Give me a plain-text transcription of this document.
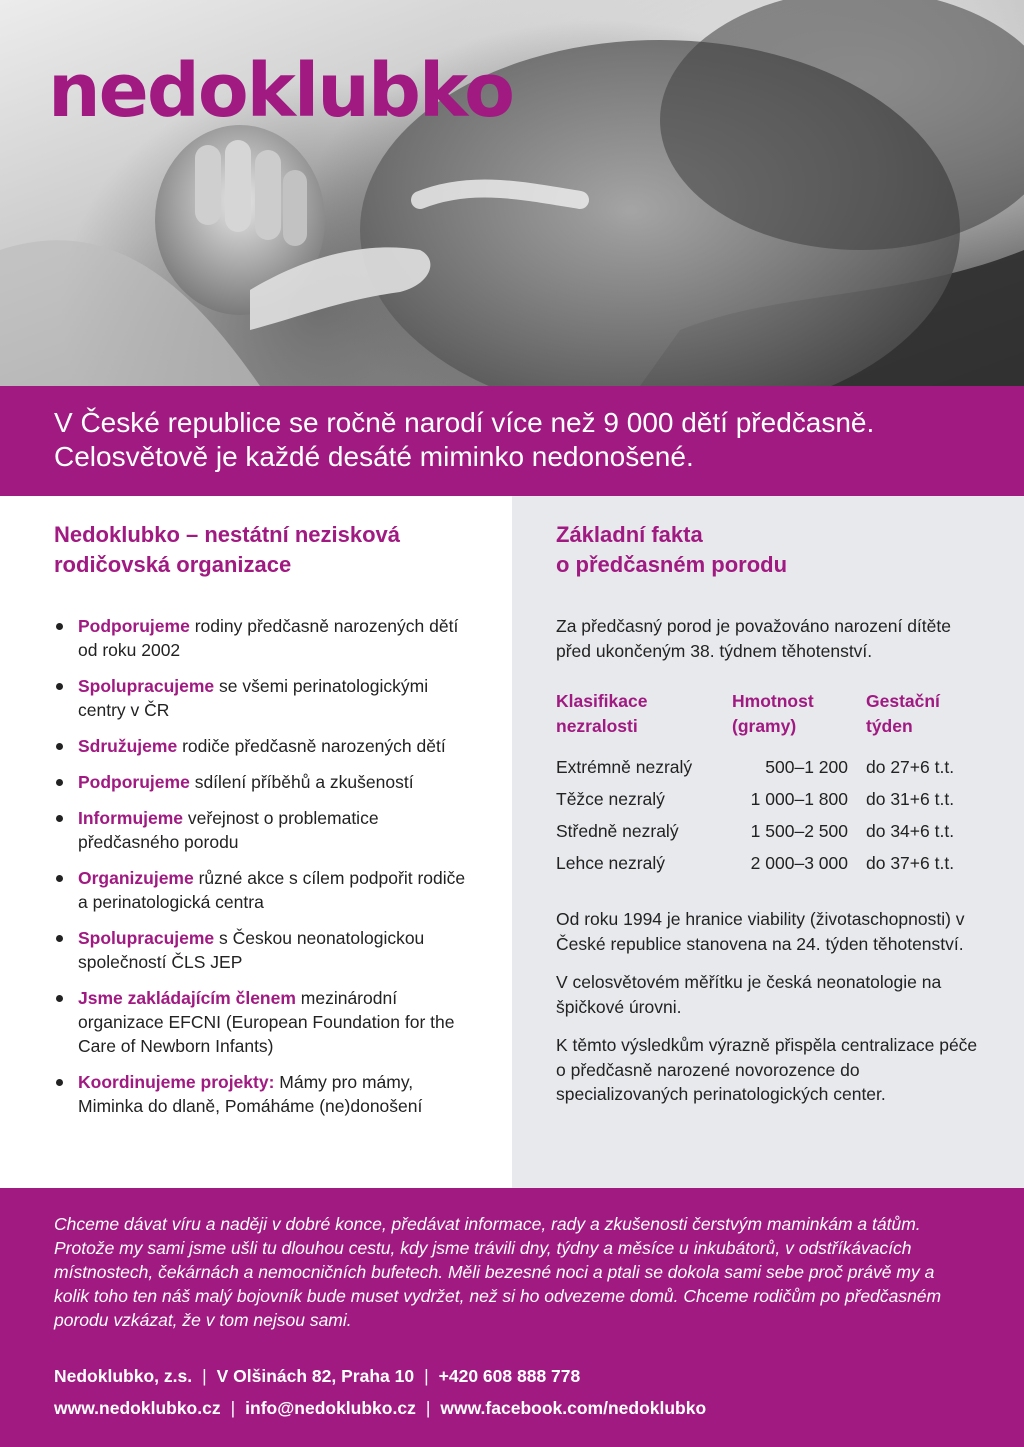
nedoklubko

V České republice se ročně narodí více než 9 000 dětí předčasně.

Celosvětově je každé desáté miminko nedonošené.

Nedoklubko – nestátní nezisková
rodičovská organizace
Podporujeme rodiny předčasně narozených dětí od roku 2002
Spolupracujeme se všemi perinatologickými centry v ČR
Sdružujeme rodiče předčasně narozených dětí
Podporujeme sdílení příběhů a zkušeností
Informujeme veřejnost o problematice předčasného porodu
Organizujeme různé akce s cílem podpořit rodiče a perinatologická centra
Spolupracujeme s Českou neonatologickou společností ČLS JEP
Jsme zakládajícím členem mezinárodní organizace EFCNI (European Foundation for the Care of Newborn Infants)
Koordinujeme projekty: Mámy pro mámy, Miminka do dlaně, Pomáháme (ne)donošení
Základní fakta
o předčasném porodu

Za předčasný porod je považováno narození dítěte před ukončeným 38. týdnem těhotenství.

Klasifikace nezralosti	Hmotnost (gramy)	Gestační týden
Extrémně nezralý	500–1 200	do 27+6 t.t.
Těžce nezralý	1 000–1 800	do 31+6 t.t.
Středně nezralý	1 500–2 500	do 34+6 t.t.
Lehce nezralý	2 000–3 000	do 37+6 t.t.

Od roku 1994 je hranice viability (životaschopnosti) v České republice stanovena na 24. týden těhotenství.

V celosvětovém měřítku je česká neonatologie na špičkové úrovni.

K těmto výsledkům výrazně přispěla centralizace péče o předčasně narozené novorozence do specializovaných perinatologických center.

Chceme dávat víru a naději v dobré konce, předávat informace, rady a zkušenosti čerstvým maminkám a tátům. Protože my sami jsme ušli tu dlouhou cestu, kdy jsme trávili dny, týdny a měsíce u inkubátorů, v odstříkávacích místnostech, čekárnách a nemocničních bufetech. Měli bezesné noci a ptali se dokola sami sebe proč právě my a kolik toho ten náš malý bojovník bude muset vydržet, než si ho odvezeme domů. Chceme rodičům po předčasném porodu vzkázat, že v tom nejsou sami.

Nedoklubko, z.s. | V Olšinách 82, Praha 10 | +420 608 888 778
www.nedoklubko.cz | info@nedoklubko.cz | www.facebook.com/nedoklubko
